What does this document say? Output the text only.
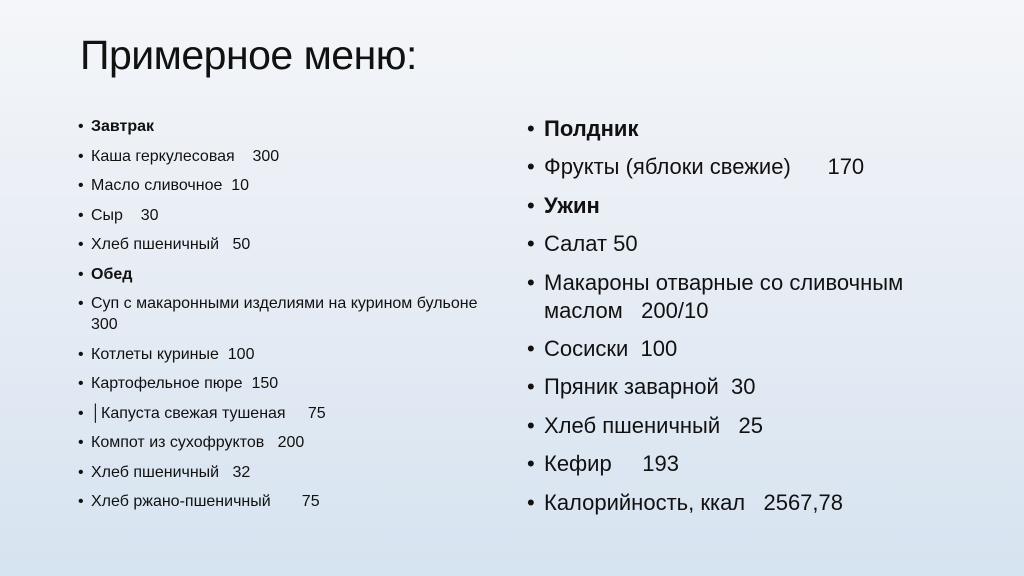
Примерное меню:
• Завтрак
• Каша геркулесовая    300
• Масло сливочное  10
• Сыр    30
• Хлеб пшеничный   50
• Обед
• Суп с макаронными изделиями на курином бульоне  300
• Котлеты куриные  100
• Картофельное пюре  150
• │Капуста свежая тушеная     75
• Компот из сухофруктов   200
• Хлеб пшеничный   32
• Хлеб ржано-пшеничный       75
• Полдник
• Фрукты (яблоки свежие)      170
• Ужин
• Салат 50
• Макароны отварные со сливочным маслом   200/10
• Сосиски  100
• Пряник заварной  30
• Хлеб пшеничный   25
• Кефир     193
• Калорийность, ккал   2567,78
